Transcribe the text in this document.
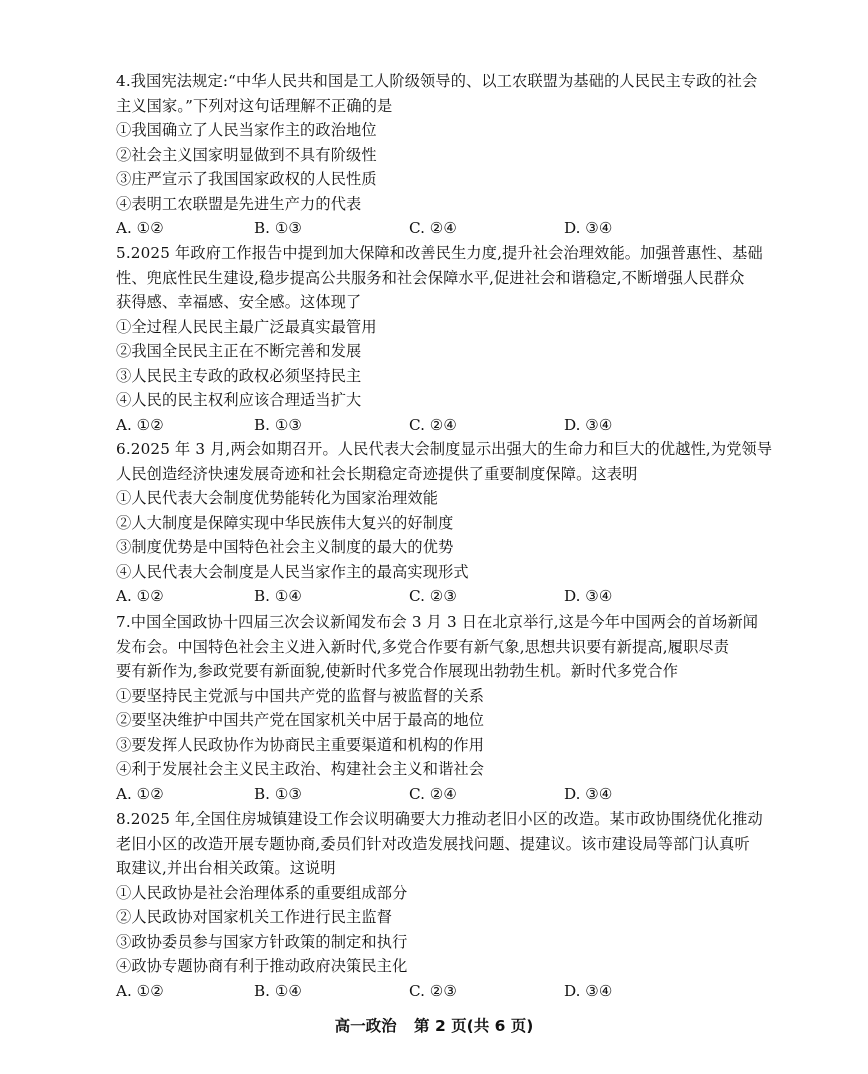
4.我国宪法规定:“中华人民共和国是工人阶级领导的、以工农联盟为基础的人民民主专政的社会
主义国家。”下列对这句话理解不正确的是
①我国确立了人民当家作主的政治地位
②社会主义国家明显做到不具有阶级性
③庄严宣示了我国国家政权的人民性质
④表明工农联盟是先进生产力的代表
A. ①②	B. ①③	C. ②④	D. ③④
5.2025 年政府工作报告中提到加大保障和改善民生力度,提升社会治理效能。加强普惠性、基础
性、兜底性民生建设,稳步提高公共服务和社会保障水平,促进社会和谐稳定,不断增强人民群众
获得感、幸福感、安全感。这体现了
①全过程人民民主最广泛最真实最管用
②我国全民民主正在不断完善和发展
③人民民主专政的政权必须坚持民主
④人民的民主权利应该合理适当扩大
A. ①②	B. ①③	C. ②④	D. ③④
6.2025 年 3 月,两会如期召开。人民代表大会制度显示出强大的生命力和巨大的优越性,为党领导
人民创造经济快速发展奇迹和社会长期稳定奇迹提供了重要制度保障。这表明
①人民代表大会制度优势能转化为国家治理效能
②人大制度是保障实现中华民族伟大复兴的好制度
③制度优势是中国特色社会主义制度的最大的优势
④人民代表大会制度是人民当家作主的最高实现形式
A. ①②	B. ①④	C. ②③	D. ③④
7.中国全国政协十四届三次会议新闻发布会 3 月 3 日在北京举行,这是今年中国两会的首场新闻
发布会。中国特色社会主义进入新时代,多党合作要有新气象,思想共识要有新提高,履职尽责
要有新作为,参政党要有新面貌,使新时代多党合作展现出勃勃生机。新时代多党合作
①要坚持民主党派与中国共产党的监督与被监督的关系
②要坚决维护中国共产党在国家机关中居于最高的地位
③要发挥人民政协作为协商民主重要渠道和机构的作用
④利于发展社会主义民主政治、构建社会主义和谐社会
A. ①②	B. ①③	C. ②④	D. ③④
8.2025 年,全国住房城镇建设工作会议明确要大力推动老旧小区的改造。某市政协围绕优化推动
老旧小区的改造开展专题协商,委员们针对改造发展找问题、提建议。该市建设局等部门认真听
取建议,并出台相关政策。这说明
①人民政协是社会治理体系的重要组成部分
②人民政协对国家机关工作进行民主监督
③政协委员参与国家方针政策的制定和执行
④政协专题协商有利于推动政府决策民主化
A. ①②	B. ①④	C. ②③	D. ③④
高一政治 第 2 页(共 6 页)
